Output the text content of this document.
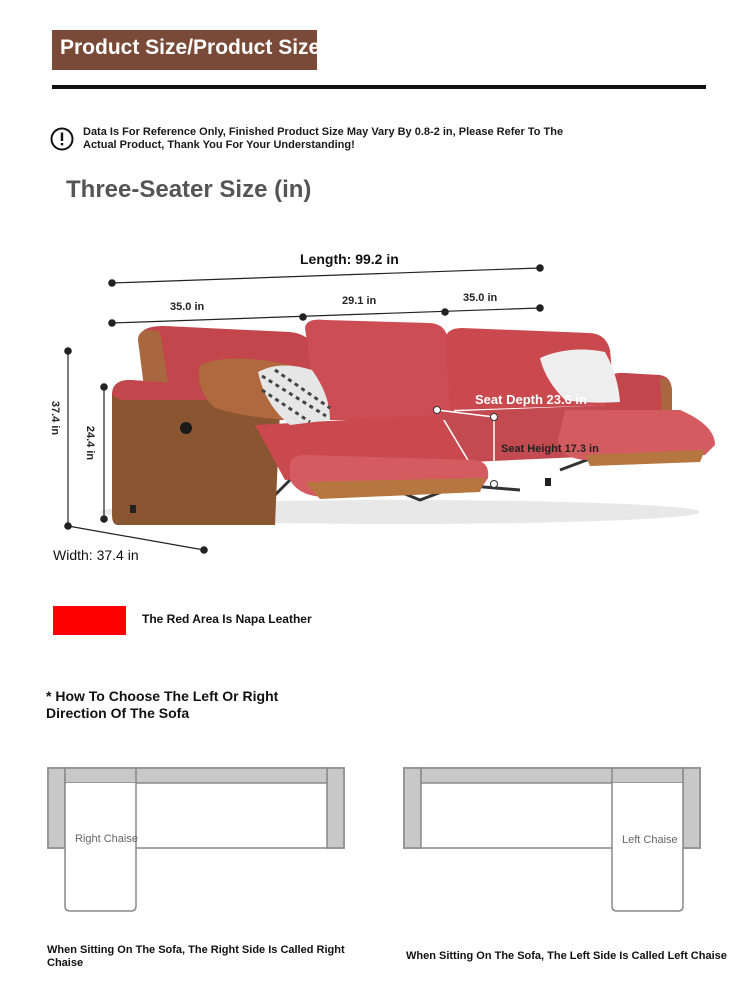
Product Size/Product Size
Data Is For Reference Only, Finished Product Size May Vary By 0.8-2 in, Please Refer To The Actual Product, Thank You For Your Understanding!
Three-Seater Size (in)
Length: 99.2 in
35.0 in	29.1 in	35.0 in
37.4 in
24.4 in
Width: 37.4 in
Seat Depth 23.6 in
Seat Height 17.3 in
The Red Area Is Napa Leather
* How To Choose The Left Or Right Direction Of The Sofa
Right Chaise
When Sitting On The Sofa, The Right Side Is Called Right Chaise
Left Chaise
When Sitting On The Sofa, The Left Side Is Called Left Chaise
